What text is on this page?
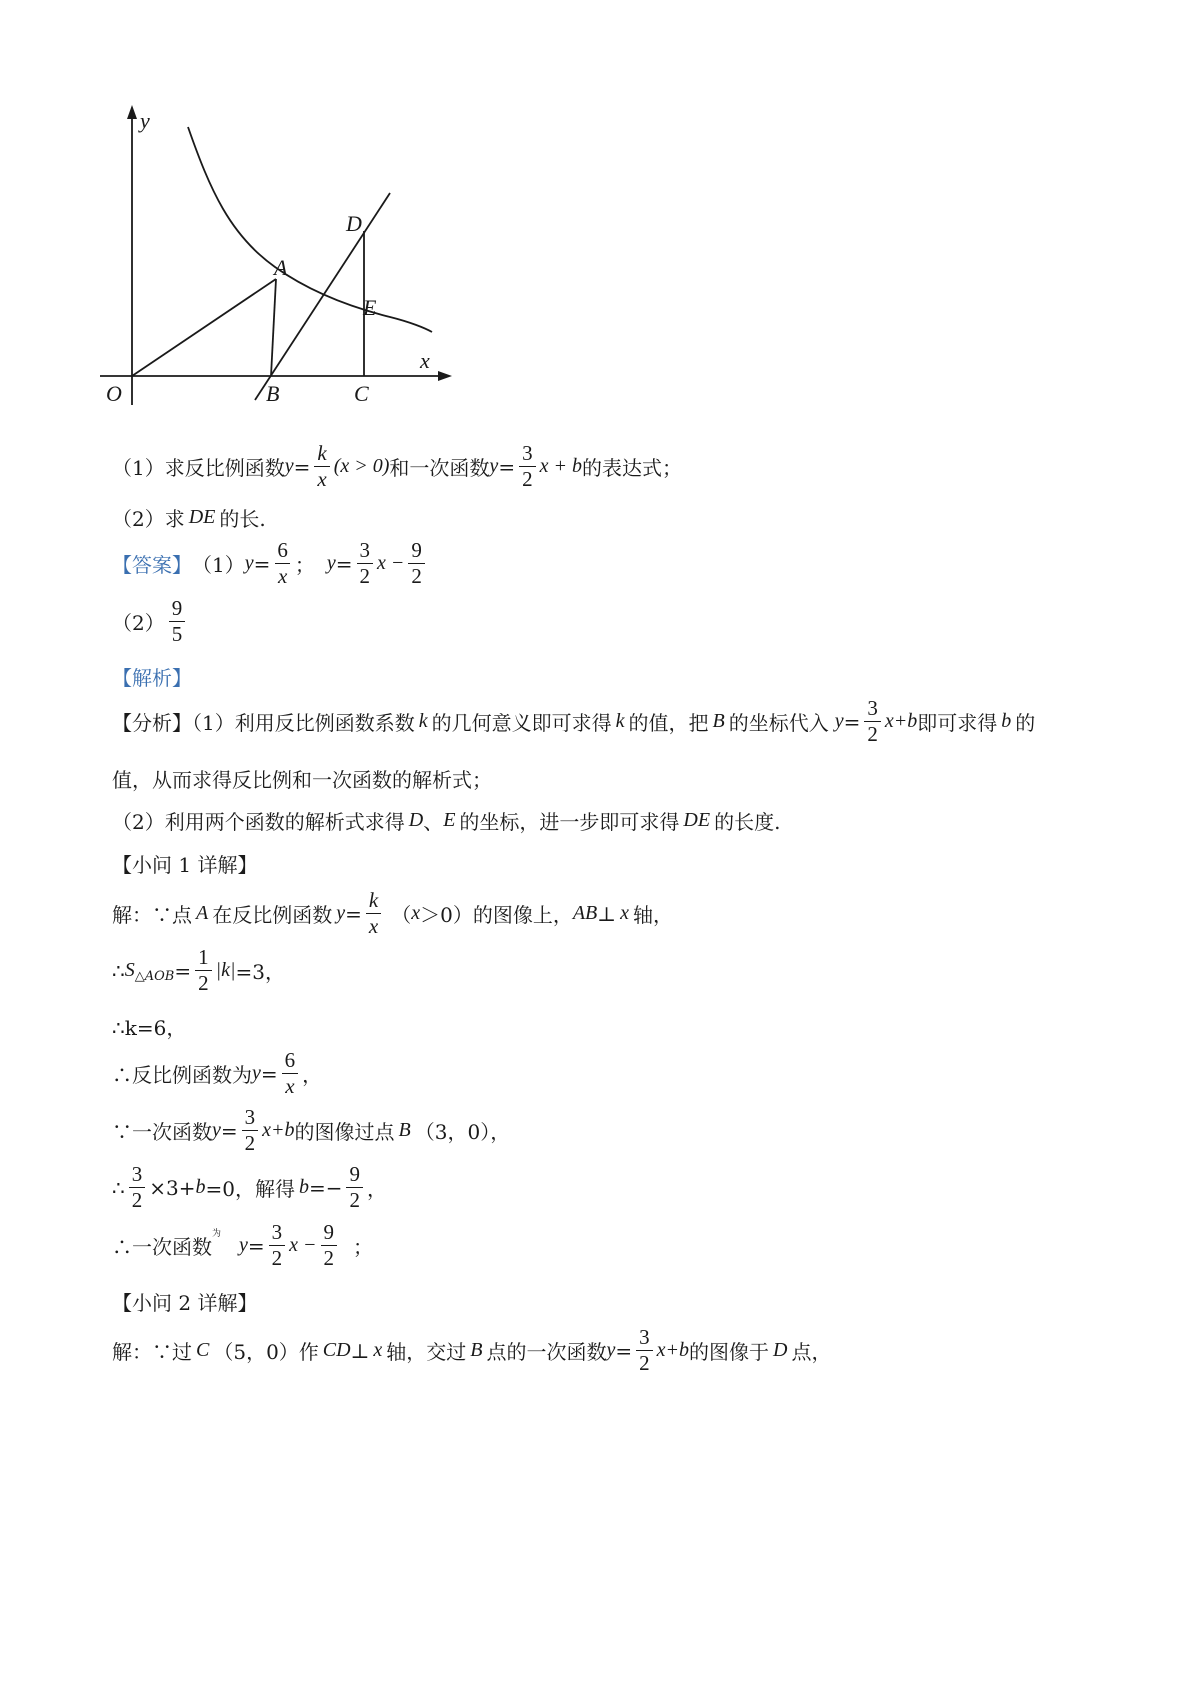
y
x
O
A
B	C
D
E
（1） 求反比例函数 $y = \frac{k}{x} (x > 0)$ 和一次函数 $y = \frac{3}{2}$ x + b 的表达式；
（2） 求 DE 的长.
【答案】 （1） $y = \frac{6}{x}$ ； $y = \frac{3}{2}$ $x - \frac{9}{2}$
$(2) \frac{9}{5}$
【解析】
【分析】（1）利用反比例函数系数 k 的几何意义即可求得 k 的值，把 B 的坐标代入 $y = \frac{3}{2} x+b$ 即可求得 b 的
值，从而求得反比例和一次函数的解析式；
（2）利用两个函数的解析式求得 D 、 E 的坐标，进一步即可求得 DE 的长度.
【小问 1 详解】
解：∵点 A 在反比例函数 $y = \frac{k}{x}$ （ x ＞0）的图像上， AB ⊥ x 轴，
∴ S △AOB = $\frac{1}{2} |k| =3$，
∴k=6，
∴反比例函数为 $y = \frac{6}{x}$ ，
∵一次函数 $y = \frac{3}{2} x+b$ 的图像过点 B （3，0），
∴ $\frac{3}{2} \times 3+ b =0$，解得 $b =- \frac{9}{2}$ ，
∴一次函数
为 $y = \frac{3}{2}$ $x - \frac{9}{2}$ ；
【小问 2 详解】
解：∵过 C （5，0）作 CD ⊥ x 轴，交过 B 点的一次函数 $y = \frac{3}{2} x+b$ 的图像于 D 点，
